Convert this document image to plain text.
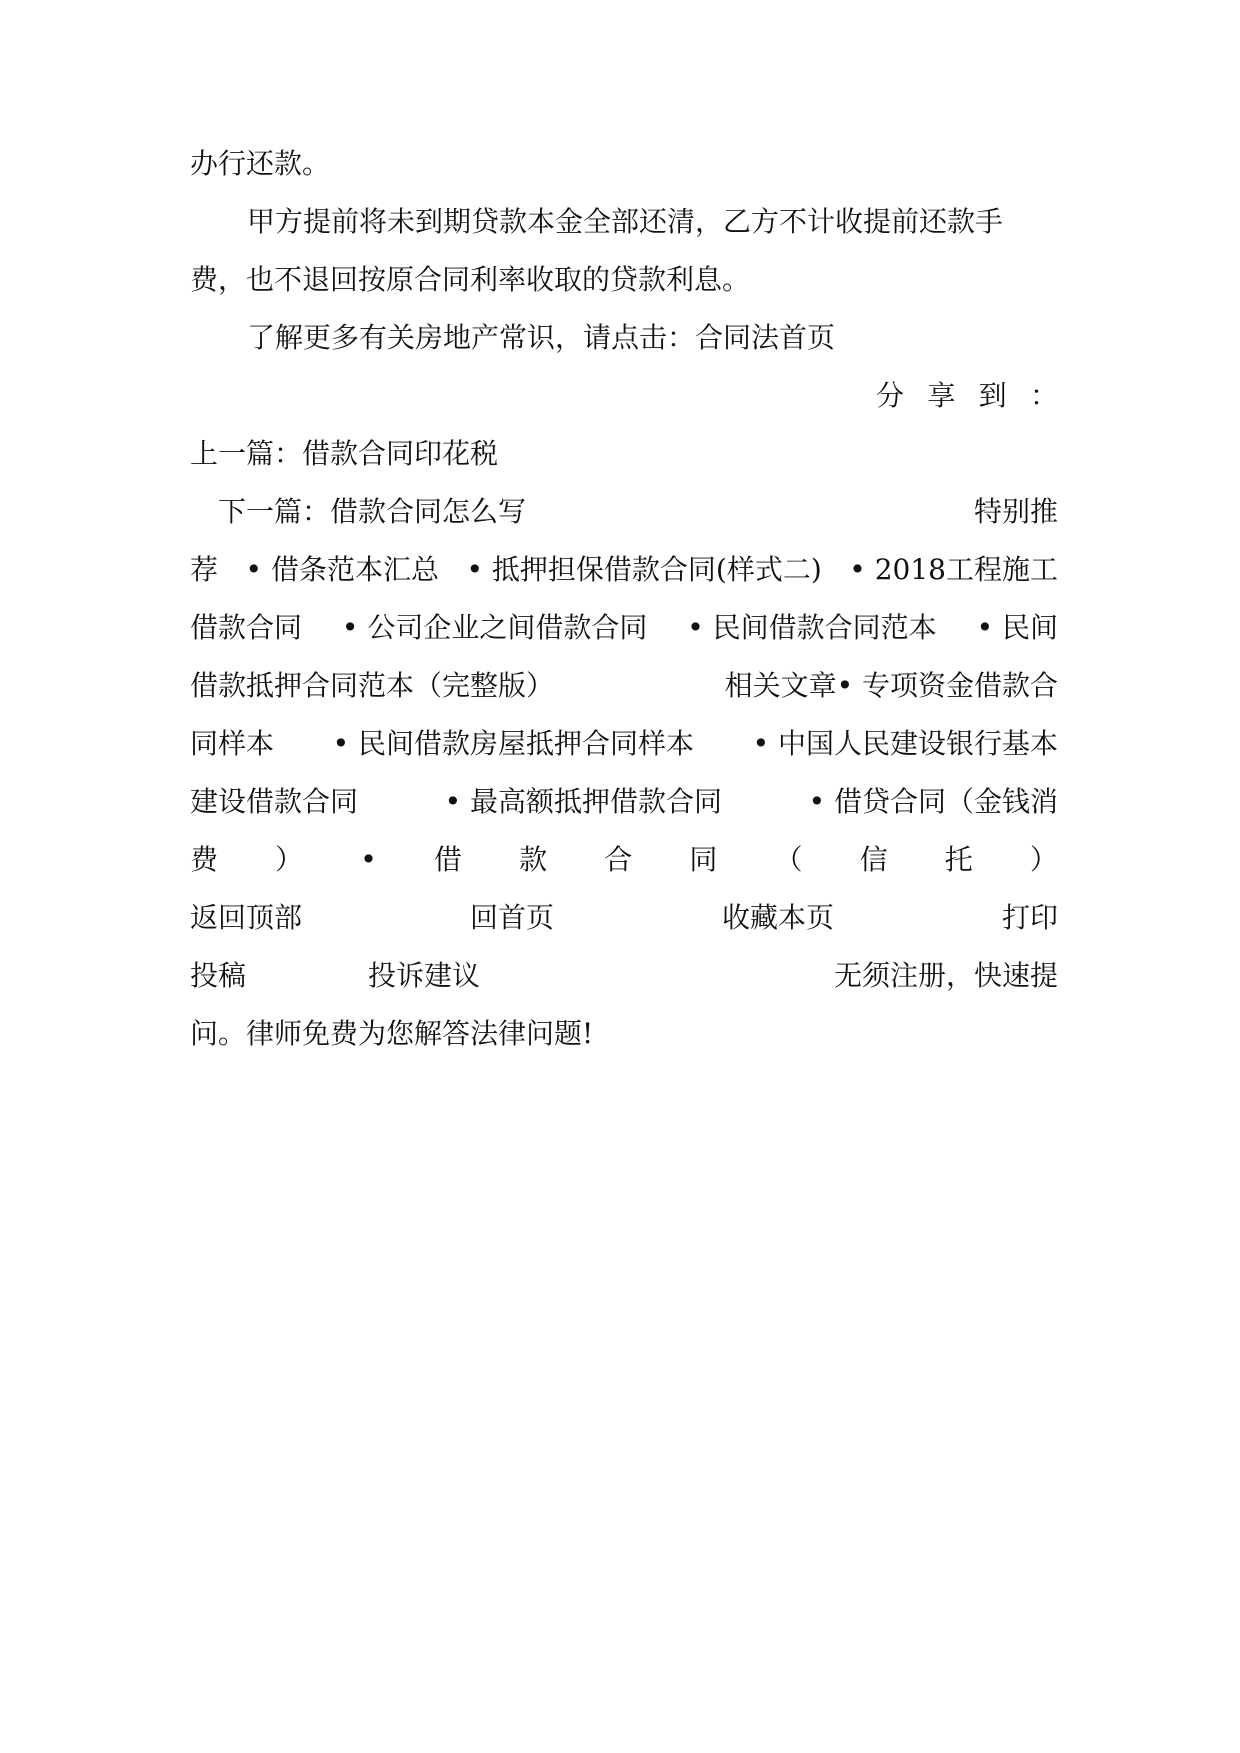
办行还款。
甲方提前将未到期贷款本金全部还清，乙方不计收提前还款手
费，也不退回按原合同利率收取的贷款利息。
了解更多有关房地产常识，请点击：合同法首页
分 享 到 ：
上一篇：借款合同印花税
下一篇：借款合同怎么写	特别推
荐 • 借条范本汇总 • 抵押担保借款合同(样式二) • 2018工程施工
借款合同 • 公司企业之间借款合同 • 民间借款合同范本 • 民间
借款抵押合同范本（完整版）	相关文章• 专项资金借款合
同样本 • 民间借款房屋抵押合同样本 • 中国人民建设银行基本
建设借款合同	• 最高额抵押借款合同	• 借贷合同（金钱消
费 ） • 借 款 合 同 （ 信 托 ）
返回顶部	回首页	收藏本页	打印
投稿	投诉建议	无须注册，快速提
问。律师免费为您解答法律问题!
